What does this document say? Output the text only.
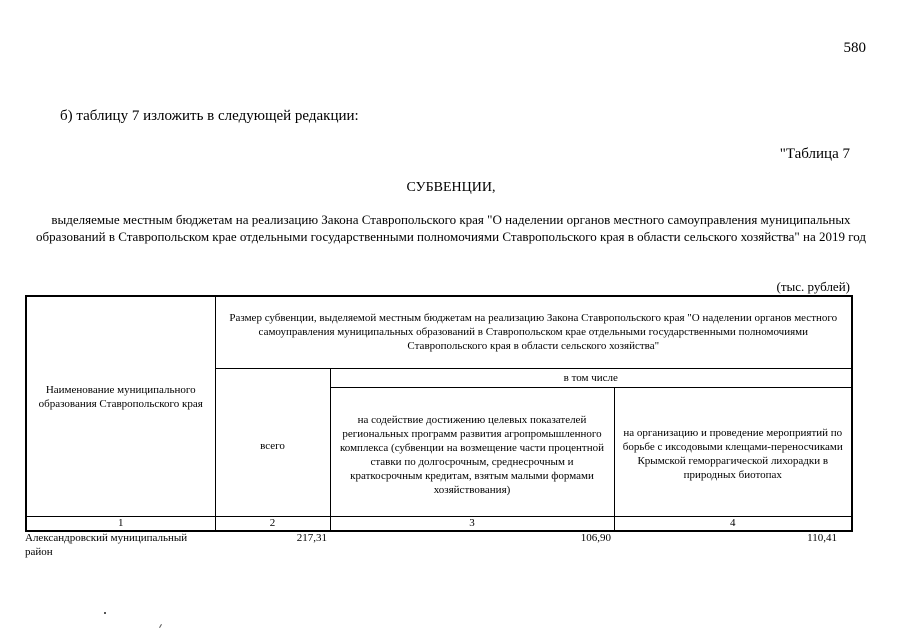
580
б) таблицу 7 изложить в следующей редакции:
"Таблица 7
СУБВЕНЦИИ,
выделяемые местным бюджетам на реализацию Закона Ставропольского края "О наделении органов местного самоуправления муниципальных образований в Ставропольском крае отдельными государственными полномочиями Ставропольского края в области сельского хозяйства" на 2019 год
(тыс. рублей)
Наименование муниципального образования Ставропольского края	Размер субвенции, выделяемой местным бюджетам на реализацию Закона Ставропольского края "О наделении органов местного самоуправления муниципальных образований в Ставропольском крае отдельными государственными полномочиями Ставропольского края в области сельского хозяйства"		
	всего	в том числе	
		на содействие достижению целевых показателей региональных программ развития агропромышленного комплекса (субвенции на возмещение части процентной ставки по долгосрочным, среднесрочным и краткосрочным кредитам, взятым малыми формами хозяйствования)	на организацию и проведение мероприятий по борьбе с иксодовыми клещами-переносчиками Крымской геморрагической лихорадки в природных биотопах
1	2	3	4
Александровский муниципальный район	217,31	106,90	110,41
